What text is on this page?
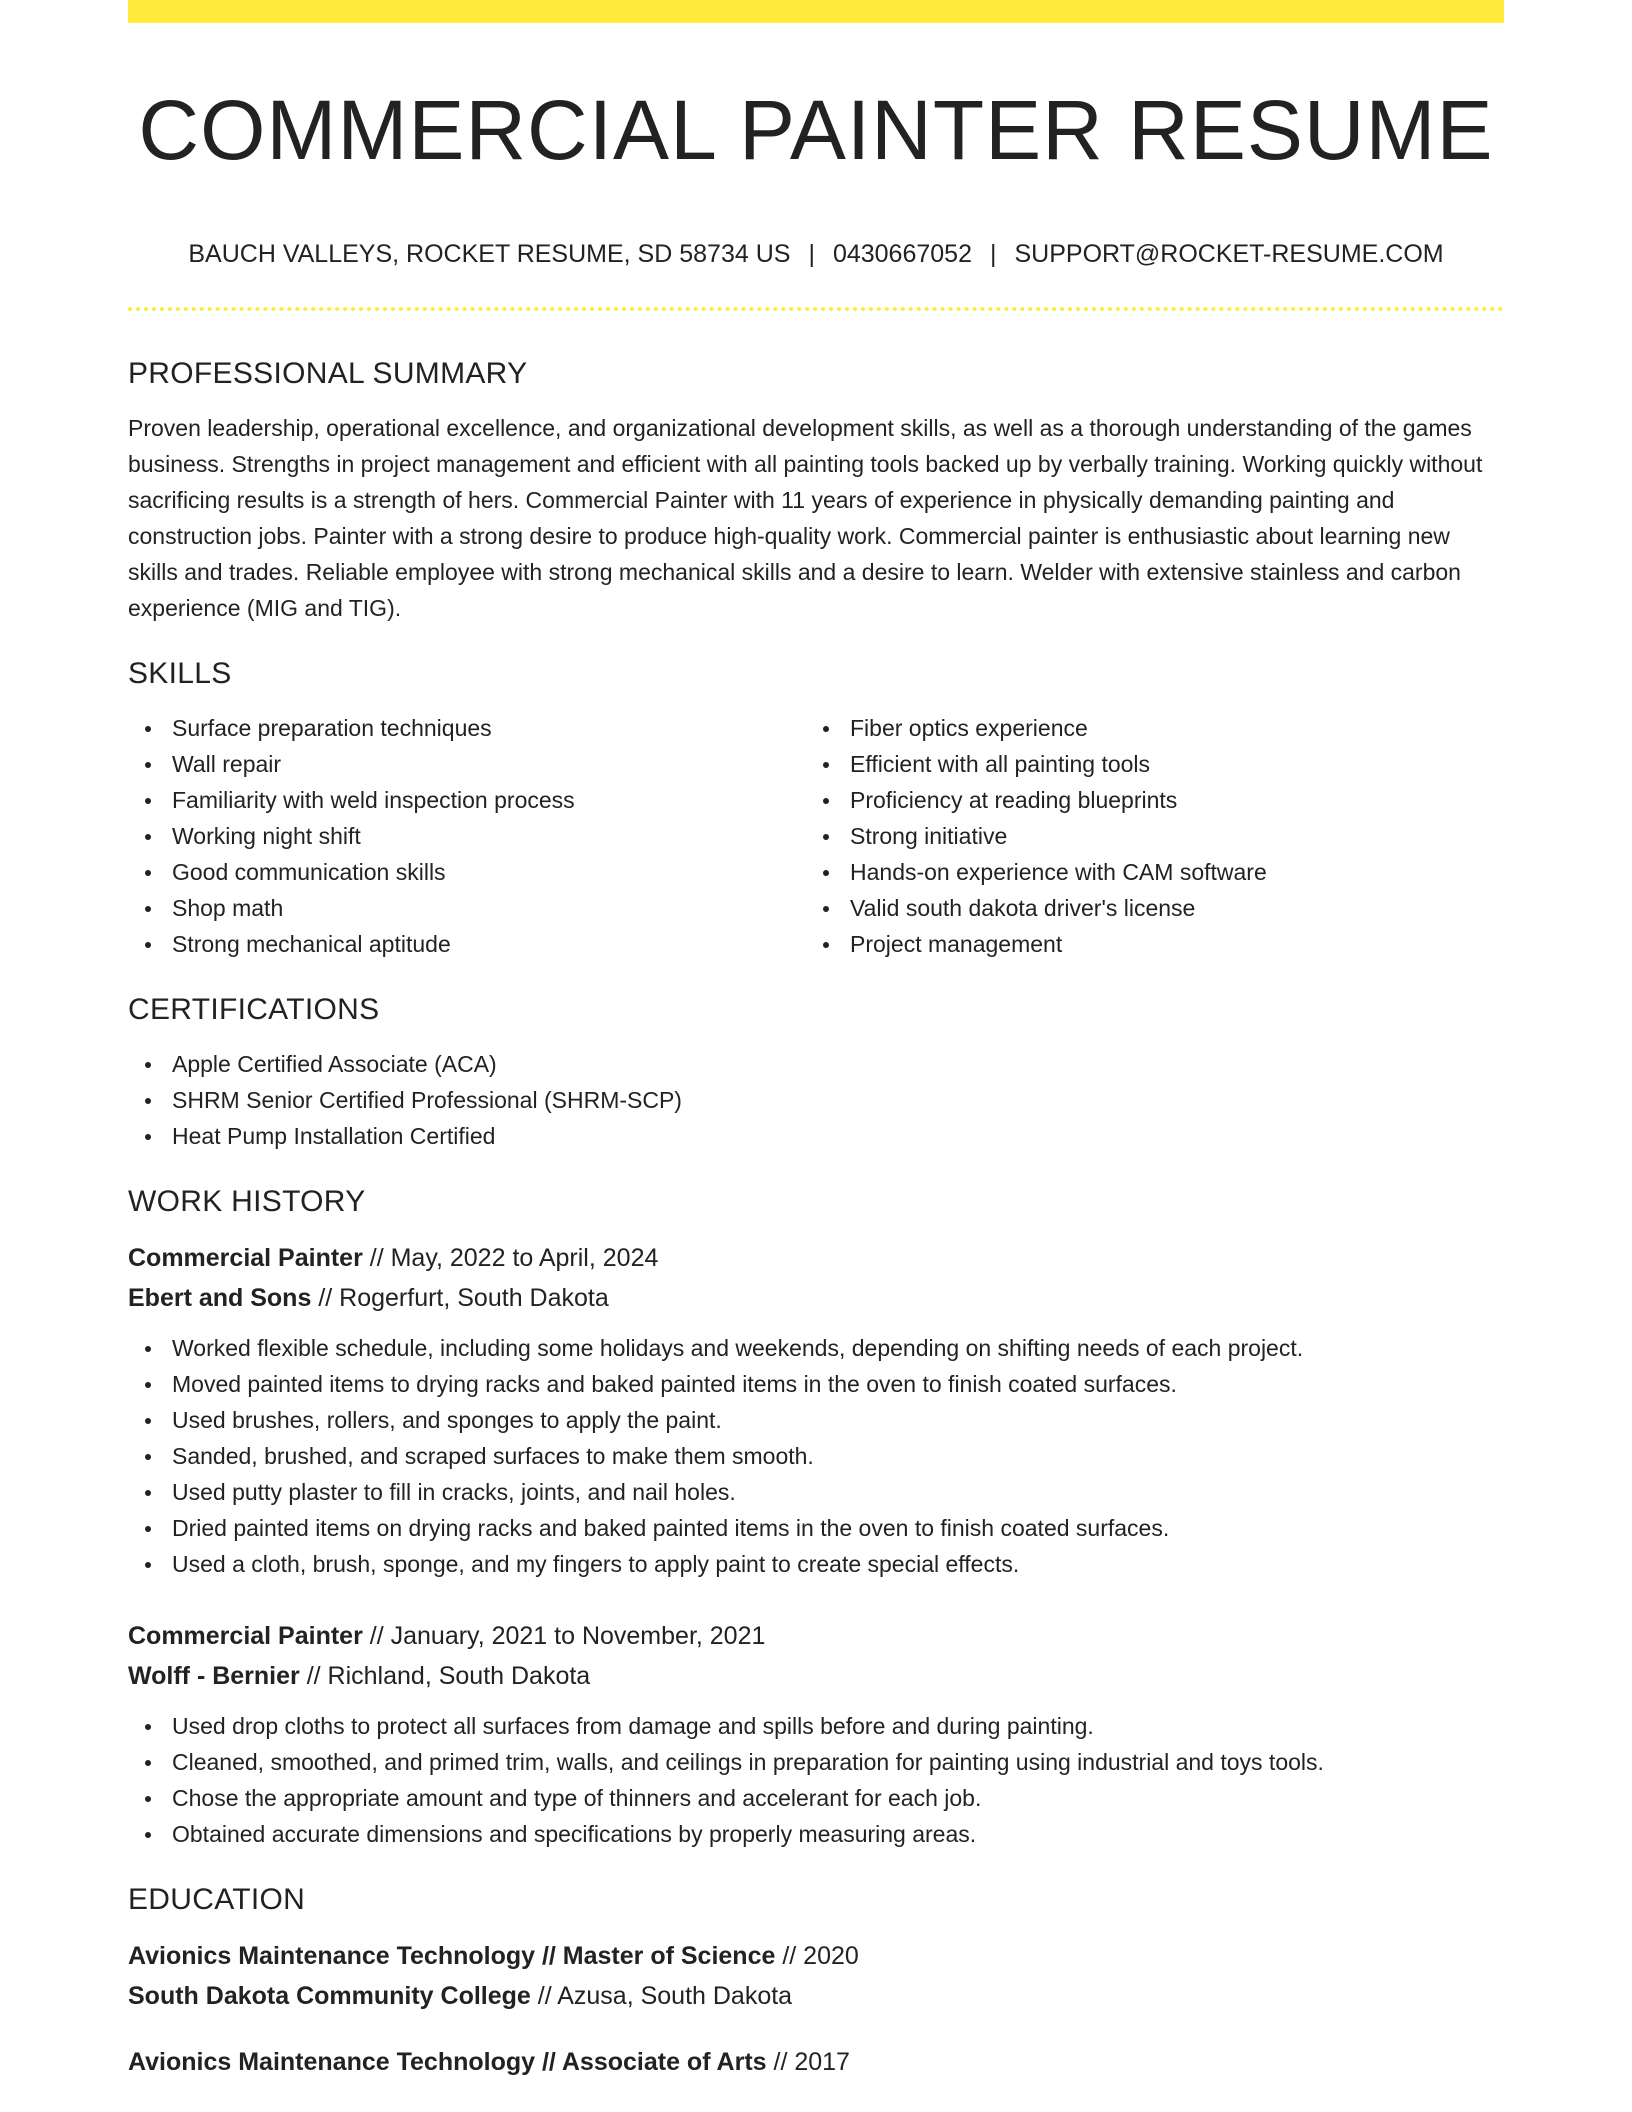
COMMERCIAL PAINTER RESUME
BAUCH VALLEYS, ROCKET RESUME, SD 58734 US | 0430667052 | SUPPORT@ROCKET-RESUME.COM
PROFESSIONAL SUMMARY

Proven leadership, operational excellence, and organizational development skills, as well as a thorough understanding of the games business. Strengths in project management and efficient with all painting tools backed up by verbally training. Working quickly without sacrificing results is a strength of hers. Commercial Painter with 11 years of experience in physically demanding painting and construction jobs. Painter with a strong desire to produce high-quality work. Commercial painter is enthusiastic about learning new skills and trades. Reliable employee with strong mechanical skills and a desire to learn. Welder with extensive stainless and carbon experience (MIG and TIG).

SKILLS
Surface preparation techniques
Wall repair
Familiarity with weld inspection process
Working night shift
Good communication skills
Shop math
Strong mechanical aptitude
Fiber optics experience
Efficient with all painting tools
Proficiency at reading blueprints
Strong initiative
Hands-on experience with CAM software
Valid south dakota driver's license
Project management
CERTIFICATIONS
Apple Certified Associate (ACA)
SHRM Senior Certified Professional (SHRM-SCP)
Heat Pump Installation Certified
WORK HISTORY
Commercial Painter // May, 2022 to April, 2024
Ebert and Sons // Rogerfurt, South Dakota
Worked flexible schedule, including some holidays and weekends, depending on shifting needs of each project.
Moved painted items to drying racks and baked painted items in the oven to finish coated surfaces.
Used brushes, rollers, and sponges to apply the paint.
Sanded, brushed, and scraped surfaces to make them smooth.
Used putty plaster to fill in cracks, joints, and nail holes.
Dried painted items on drying racks and baked painted items in the oven to finish coated surfaces.
Used a cloth, brush, sponge, and my fingers to apply paint to create special effects.
Commercial Painter // January, 2021 to November, 2021
Wolff - Bernier // Richland, South Dakota
Used drop cloths to protect all surfaces from damage and spills before and during painting.
Cleaned, smoothed, and primed trim, walls, and ceilings in preparation for painting using industrial and toys tools.
Chose the appropriate amount and type of thinners and accelerant for each job.
Obtained accurate dimensions and specifications by properly measuring areas.
EDUCATION
Avionics Maintenance Technology // Master of Science // 2020
South Dakota Community College // Azusa, South Dakota
Avionics Maintenance Technology // Associate of Arts // 2017
